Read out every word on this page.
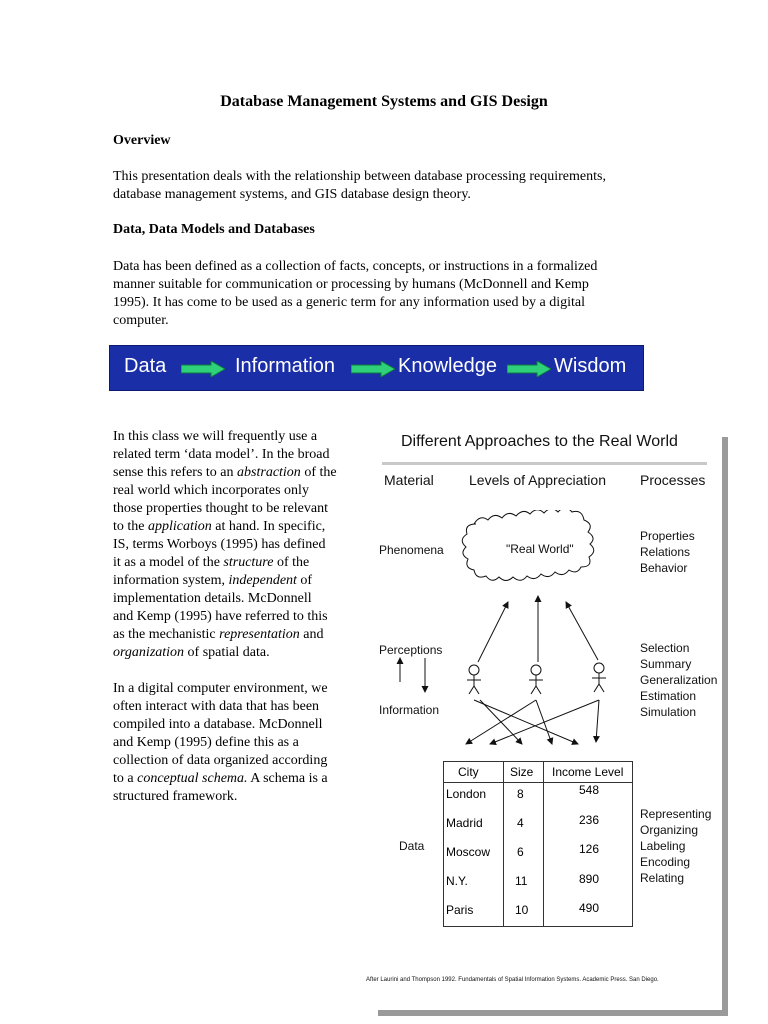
Database Management Systems and GIS Design
Overview
This presentation deals with the relationship between database processing requirements,
database management systems, and GIS database design theory.
Data, Data Models and Databases
Data has been defined as a collection of facts, concepts, or instructions in a formalized
manner suitable for communication or processing by humans (McDonnell and Kemp
1995). It has come to be used as a generic term for any information used by a digital
computer.
Data	Information	Knowledge	Wisdom
In this class we will frequently use a
related term ‘data model’. In the broad
sense this refers to an abstraction of the
real world which incorporates only
those properties thought to be relevant
to the application at hand. In specific,
IS, terms Worboys (1995) has defined
it as a model of the structure of the
information system, independent of
implementation details. McDonnell
and Kemp (1995) have referred to this
as the mechanistic representation and
organization of spatial data.
In a digital computer environment, we
often interact with data that has been
compiled into a database. McDonnell
and Kemp (1995) define this as a
collection of data organized according
to a conceptual schema. A schema is a
structured framework.
Different Approaches to the Real World
Material	Levels of Appreciation Processes
"Real World"
Phenomena
Properties
Relations
Behavior
Perceptions
Information
Selection
Summary
Generalization
Estimation
Simulation
City	Size Income Level
London	8	548
Madrid	4	236
Moscow 6	126
N.Y.	11	890
Paris	10	490
Data
Representing
Organizing
Labeling
Encoding
Relating
After Laurini and Thompson 1992. Fundamentals of Spatial Information Systems. Academic Press. San Diego.
